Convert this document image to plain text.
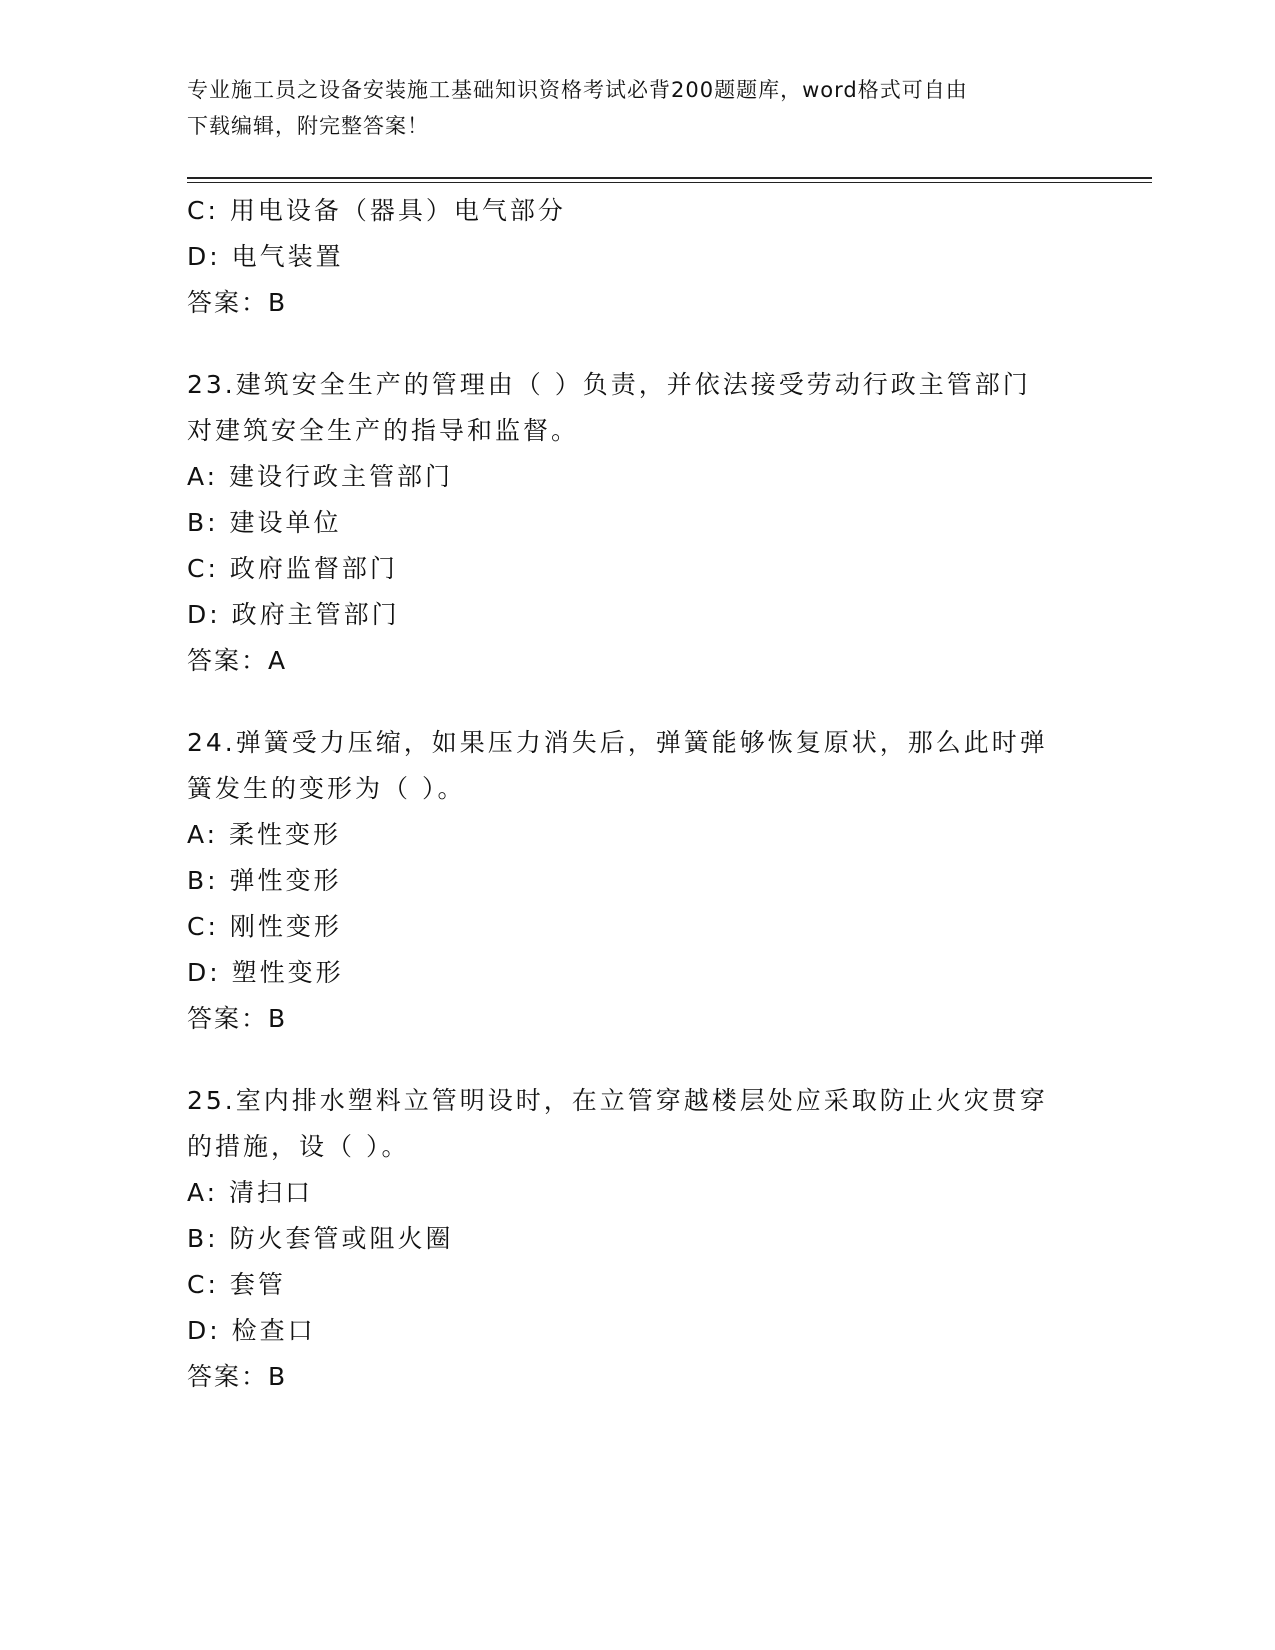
专业施工员之设备安装施工基础知识资格考试必背200题题库，word格式可自由
下载编辑，附完整答案！
C: 用电设备（器具）电气部分
D: 电气装置
答案：B
23.建筑安全生产的管理由（ ）负责，并依法接受劳动行政主管部门
对建筑安全生产的指导和监督。
A: 建设行政主管部门
B: 建设单位
C: 政府监督部门
D: 政府主管部门
答案：A
24.弹簧受力压缩，如果压力消失后，弹簧能够恢复原状，那么此时弹
簧发生的变形为（ ）。
A: 柔性变形
B: 弹性变形
C: 刚性变形
D: 塑性变形
答案：B
25.室内排水塑料立管明设时，在立管穿越楼层处应采取防止火灾贯穿
的措施，设（ ）。
A: 清扫口
B: 防火套管或阻火圈
C: 套管
D: 检查口
答案：B
